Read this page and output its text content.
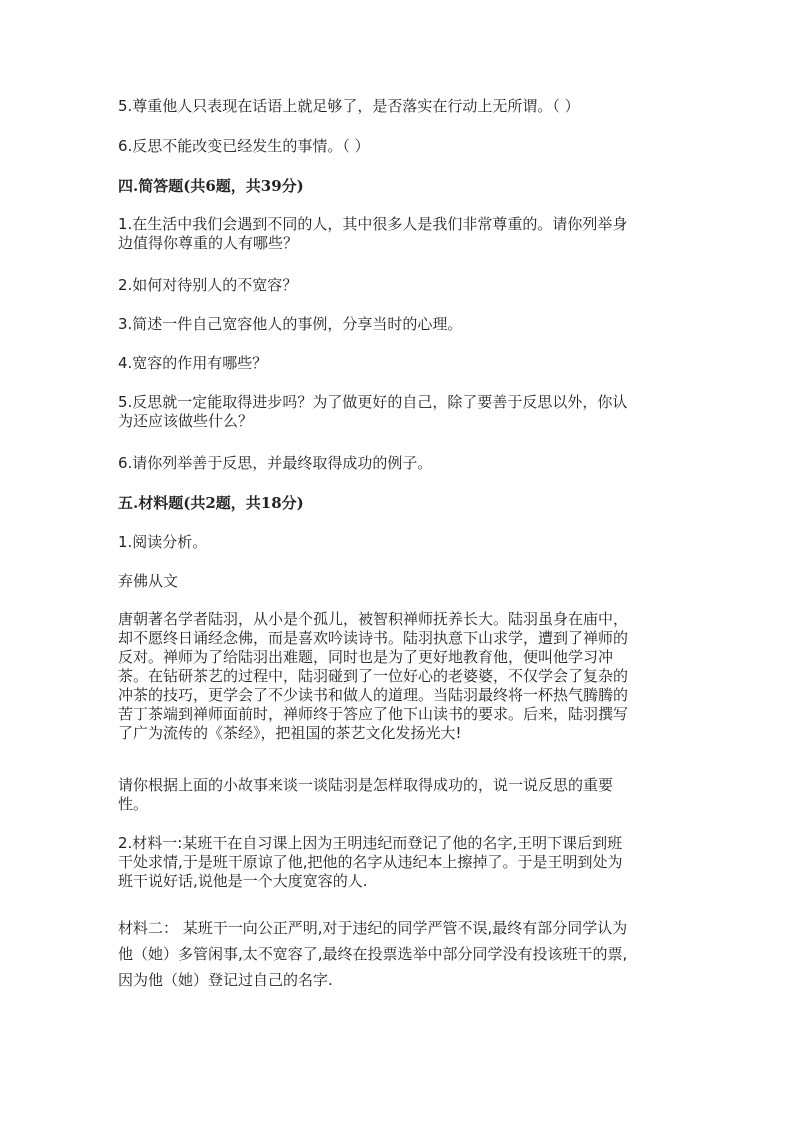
5.尊重他人只表现在话语上就足够了，是否落实在行动上无所谓。（ ）

6.反思不能改变已经发生的事情。（ ）

四.简答题(共6题，共39分)

1.在生活中我们会遇到不同的人，其中很多人是我们非常尊重的。请你列举身
边值得你尊重的人有哪些？

2.如何对待别人的不宽容？

3.简述一件自己宽容他人的事例，分享当时的心理。

4.宽容的作用有哪些？

5.反思就一定能取得进步吗？为了做更好的自己，除了要善于反思以外，你认
为还应该做些什么？

6.请你列举善于反思，并最终取得成功的例子。

五.材料题(共2题，共18分)

1.阅读分析。

弃佛从文

唐朝著名学者陆羽，从小是个孤儿，被智积禅师抚养长大。陆羽虽身在庙中，
却不愿终日诵经念佛，而是喜欢吟读诗书。陆羽执意下山求学，遭到了禅师的
反对。禅师为了给陆羽出难题，同时也是为了更好地教育他，便叫他学习冲
茶。在钻研茶艺的过程中，陆羽碰到了一位好心的老婆婆，不仅学会了复杂的
冲茶的技巧，更学会了不少读书和做人的道理。当陆羽最终将一杯热气腾腾的
苦丁茶端到禅师面前时，禅师终于答应了他下山读书的要求。后来，陆羽撰写
了广为流传的《茶经》，把祖国的茶艺文化发扬光大!
请你根据上面的小故事来谈一谈陆羽是怎样取得成功的，说一说反思的重要
性。
2.材料一:某班干在自习课上因为王明违纪而登记了他的名字,王明下课后到班
干处求情,于是班干原谅了他,把他的名字从违纪本上擦掉了。于是王明到处为
班干说好话,说他是一个大度宽容的人.
材料二： 某班干一向公正严明,对于违纪的同学严管不误,最终有部分同学认为
他（她）多管闲事,太不宽容了,最终在投票选举中部分同学没有投该班干的票,
因为他（她）登记过自己的名字.
